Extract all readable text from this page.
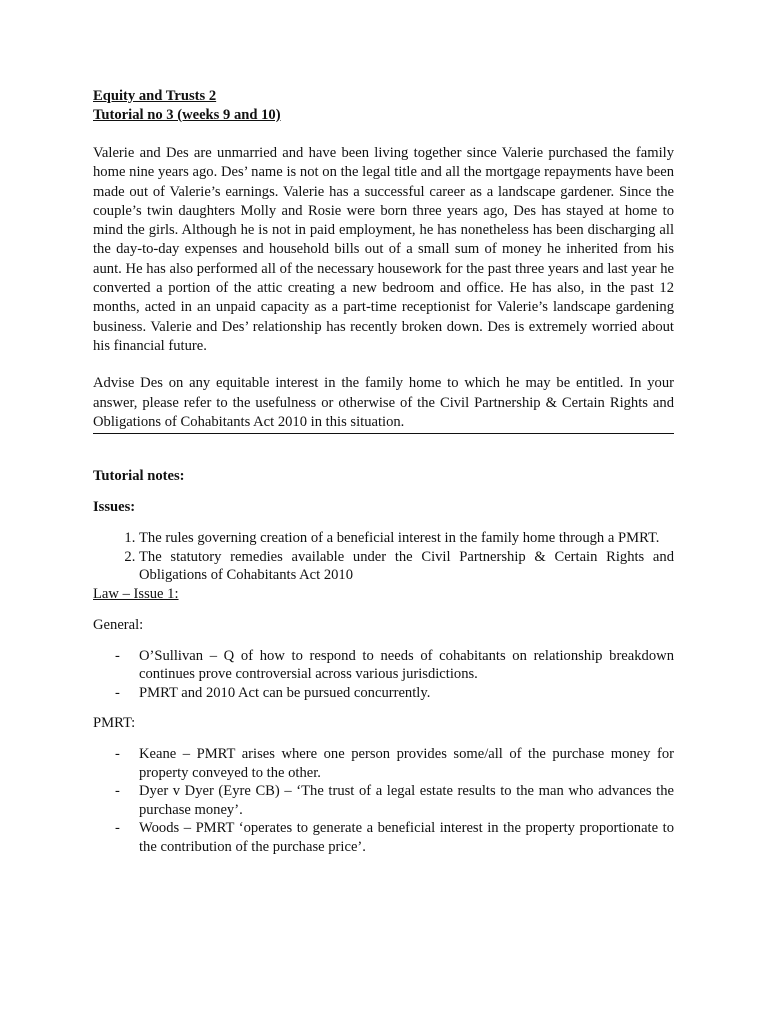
Equity and Trusts 2

Tutorial no 3 (weeks 9 and 10)

Valerie and Des are unmarried and have been living together since Valerie purchased the family home nine years ago. Des’ name is not on the legal title and all the mortgage repayments have been made out of Valerie’s earnings. Valerie has a successful career as a landscape gardener. Since the couple’s twin daughters Molly and Rosie were born three years ago, Des has stayed at home to mind the girls. Although he is not in paid employment, he has nonetheless has been discharging all the day-to-day expenses and household bills out of a small sum of money he inherited from his aunt. He has also performed all of the necessary housework for the past three years and last year he converted a portion of the attic creating a new bedroom and office. He has also, in the past 12 months, acted in an unpaid capacity as a part-time receptionist for Valerie’s landscape gardening business. Valerie and Des’ relationship has recently broken down. Des is extremely worried about his financial future.

Advise Des on any equitable interest in the family home to which he may be entitled. In your answer, please refer to the usefulness or otherwise of the Civil Partnership & Certain Rights and Obligations of Cohabitants Act 2010 in this situation.

Tutorial notes:

Issues:

1. The rules governing creation of a beneficial interest in the family home through a PMRT.
2. The statutory remedies available under the Civil Partnership & Certain Rights and Obligations of Cohabitants Act 2010

Law – Issue 1:

General:

- O’Sullivan – Q of how to respond to needs of cohabitants on relationship breakdown continues prove controversial across various jurisdictions.
- PMRT and 2010 Act can be pursued concurrently.

PMRT:

- Keane – PMRT arises where one person provides some/all of the purchase money for property conveyed to the other.
- Dyer v Dyer (Eyre CB) – ‘The trust of a legal estate results to the man who advances the purchase money’.
- Woods – PMRT ‘operates to generate a beneficial interest in the property proportionate to the contribution of the purchase price’.
